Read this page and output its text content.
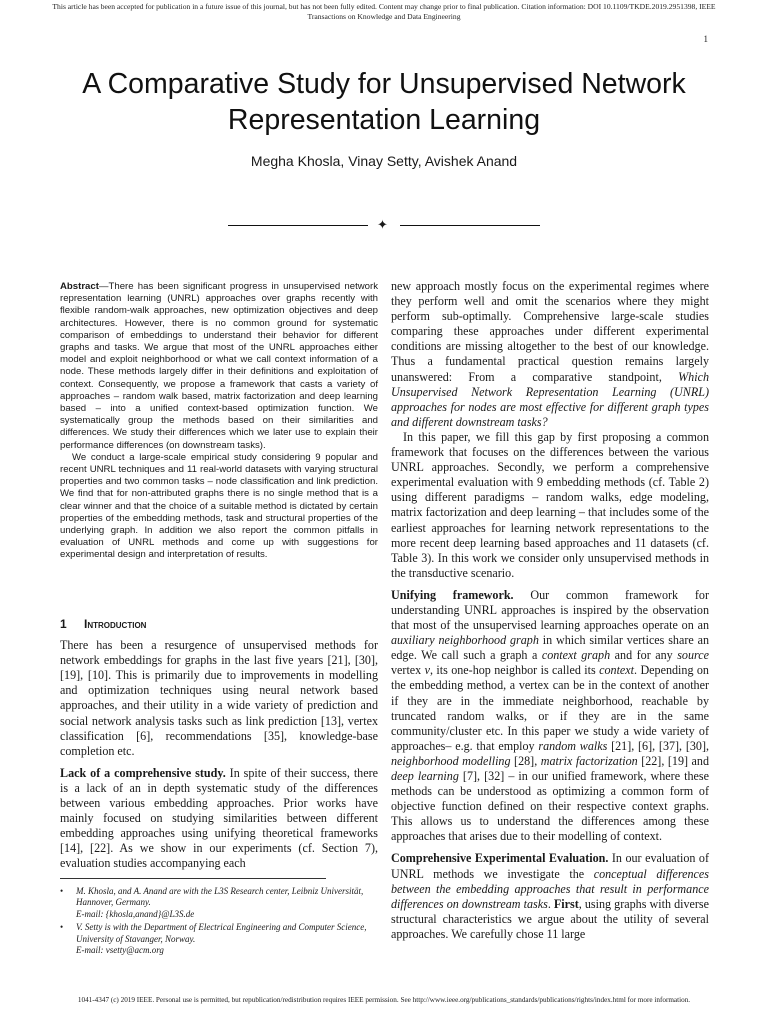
This article has been accepted for publication in a future issue of this journal, but has not been fully edited. Content may change prior to final publication. Citation information: DOI 10.1109/TKDE.2019.2951398, IEEE
Transactions on Knowledge and Data Engineering
1
A Comparative Study for Unsupervised Network
Representation Learning
Megha Khosla, Vinay Setty, Avishek Anand
✦

Abstract—There has been significant progress in unsupervised network representation learning (UNRL) approaches over graphs recently with flexible random-walk approaches, new optimization objectives and deep architectures. However, there is no common ground for systematic comparison of embeddings to understand their behavior for different graphs and tasks. We argue that most of the UNRL approaches either model and exploit neighborhood or what we call context information of a node. These methods largely differ in their definitions and exploitation of context. Consequently, we propose a framework that casts a variety of approaches – random walk based, matrix factorization and deep learning based – into a unified context-based optimization function. We systematically group the methods based on their similarities and differences. We study their differences which we later use to explain their performance differences (on downstream tasks).

We conduct a large-scale empirical study considering 9 popular and recent UNRL techniques and 11 real-world datasets with varying structural properties and two common tasks – node classification and link prediction. We find that for non-attributed graphs there is no single method that is a clear winner and that the choice of a suitable method is dictated by certain properties of the embedding methods, task and structural properties of the underlying graph. In addition we also report the common pitfalls in evaluation of UNRL methods and come up with suggestions for experimental design and interpretation of results.

1 Introduction

There has been a resurgence of unsupervised methods for network embeddings for graphs in the last five years [21], [30], [19], [10]. This is primarily due to improvements in modelling and optimization techniques using neural network based approaches, and their utility in a wide variety of prediction and social network analysis tasks such as link prediction [13], vertex classification [6], recommendations [35], knowledge-base completion etc.

Lack of a comprehensive study. In spite of their success, there is a lack of an in depth systematic study of the differences between various embedding approaches. Prior works have mainly focused on studying similarities between different embedding approaches using unifying theoretical frameworks [14], [22]. As we show in our experiments (cf. Section 7), evaluation studies accompanying each

• M. Khosla, and A. Anand are with the L3S Research center, Leibniz Universität, Hannover, Germany.
E-mail: {khosla,anand}@L3S.de
• V. Setty is with the Department of Electrical Engineering and Computer Science, University of Stavanger, Norway.
E-mail: vsetty@acm.org

new approach mostly focus on the experimental regimes where they perform well and omit the scenarios where they might perform sub-optimally. Comprehensive large-scale studies comparing these approaches under different experimental conditions are missing altogether to the best of our knowledge. Thus a fundamental practical question remains largely unanswered: From a comparative standpoint, Which Unsupervised Network Representation Learning (UNRL) approaches for nodes are most effective for different graph types and different downstream tasks?

In this paper, we fill this gap by first proposing a common framework that focuses on the differences between the various UNRL approaches. Secondly, we perform a comprehensive experimental evaluation with 9 embedding methods (cf. Table 2) using different paradigms – random walks, edge modeling, matrix factorization and deep learning – that includes some of the earliest approaches for learning network representations to the more recent deep learning based approaches and 11 datasets (cf. Table 3). In this work we consider only unsupervised methods in the transductive scenario.

Unifying framework. Our common framework for understanding UNRL approaches is inspired by the observation that most of the unsupervised learning approaches operate on an auxiliary neighborhood graph in which similar vertices share an edge. We call such a graph a context graph and for any source vertex v, its one-hop neighbor is called its context. Depending on the embedding method, a vertex can be in the context of another if they are in the immediate neighborhood, reachable by truncated random walks, or if they are in the same community/cluster etc. In this paper we study a wide variety of approaches– e.g. that employ random walks [21], [6], [37], [30], neighborhood modelling [28], matrix factorization [22], [19] and deep learning [7], [32] – in our unified framework, where these methods can be understood as optimizing a common form of objective function defined on their respective context graphs. This allows us to understand the differences among these approaches that arises due to their modelling of context.

Comprehensive Experimental Evaluation. In our evaluation of UNRL methods we investigate the conceptual differences between the embedding approaches that result in performance differences on downstream tasks. First, using graphs with diverse structural characteristics we argue about the utility of several approaches. We carefully chose 11 large

1041-4347 (c) 2019 IEEE. Personal use is permitted, but republication/redistribution requires IEEE permission. See http://www.ieee.org/publications_standards/publications/rights/index.html for more information.
